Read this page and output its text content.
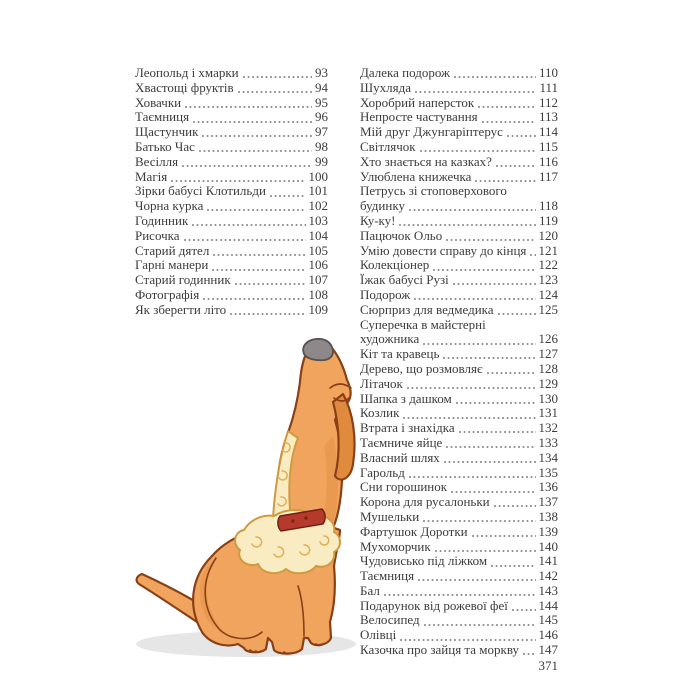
Леопольд і хмарки	93
Хвастощі фруктів	94
Ховачки	95
Таємниця	96
Щастунчик	97
Батько Час	98
Весілля	99
Магія	100
Зірки бабусі Клотильди	101
Чорна курка	102
Годинник	103
Рисочка	104
Старий дятел	105
Гарні манери	106
Старий годинник	107
Фотографія	108
Як зберегти літо	109
Далека подорож	110
Шухляда	111
Хоробрий наперсток	112
Непросте частування	113
Мій друг Джунгаріптерус	114
Світлячок	115
Хто знається на казках?	116
Улюблена книжечка	117
Петрусь зі стоповерхового
будинку	118
Ку-ку!	119
Пацючок Ольо	120
Умію довести справу до кінця 121
Колекціонер	122
Їжак бабусі Рузі	123
Подорож	124
Сюрприз для ведмедика	125
Суперечка в майстерні
художника	126
Кіт та кравець	127
Дерево, що розмовляє	128
Літачок	129
Шапка з дашком	130
Козлик	131
Втрата і знахідка	132
Таємниче яйце	133
Власний шлях	134
Гарольд	135
Сни горошинок	136
Корона для русалоньки	137
Мушельки	138
Фартушок Доротки	139
Мухоморчик	140
Чудовисько під ліжком	141
Таємниця	142
Бал	143
Подарунок від рожевої феї 144
Велосипед	145
Олівці	146
Казочка про зайця та моркву 147
371
